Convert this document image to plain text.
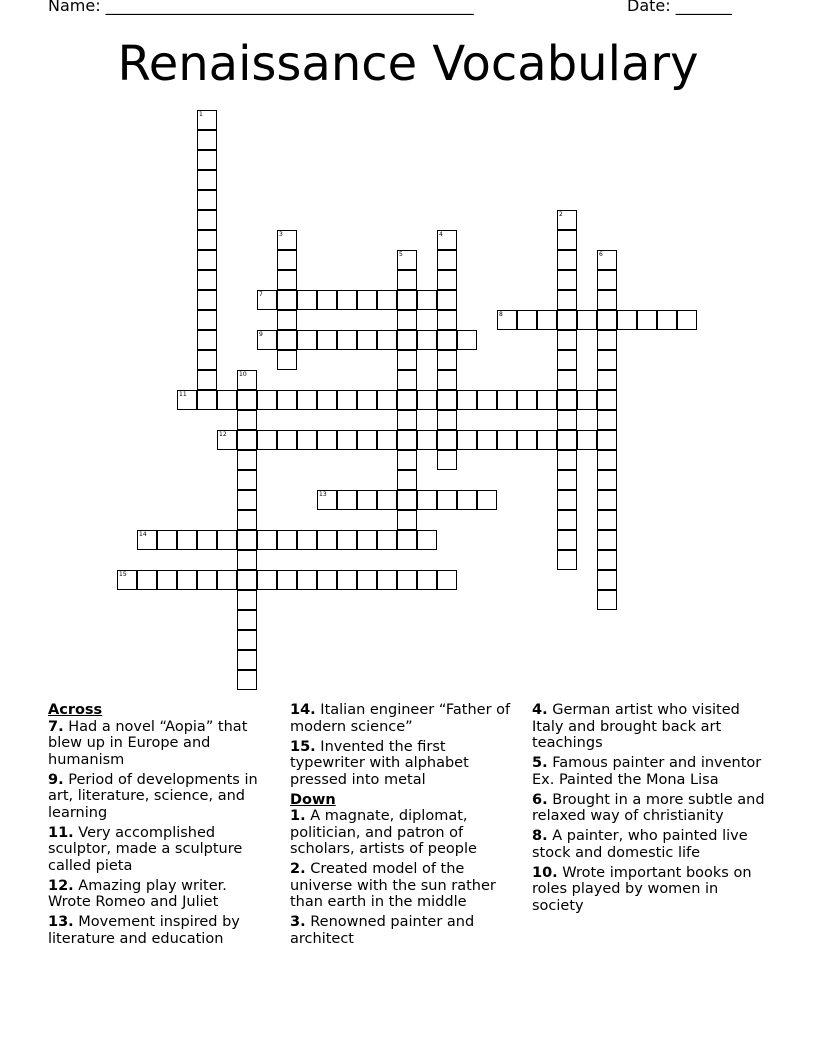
Name: ______________________________________________	Date: _______
Renaissance Vocabulary
1
2
3	4
5	6
7
8
9
10
11
12
13
14
15
Across
7. Had a novel “Aopia” that blew up in Europe and humanism
9. Period of developments in art, literature, science, and learning
11. Very accomplished sculptor, made a sculpture called pieta
12. Amazing play writer. Wrote Romeo and Juliet
13. Movement inspired by literature and education
14. Italian engineer “Father of modern science”
15. Invented the first typewriter with alphabet pressed into metal
Down
1. A magnate, diplomat, politician, and patron of scholars, artists of people
2. Created model of the universe with the sun rather than earth in the middle
3. Renowned painter and architect
4. German artist who visited Italy and brought back art teachings
5. Famous painter and inventor Ex. Painted the Mona Lisa
6. Brought in a more subtle and relaxed way of christianity
8. A painter, who painted live stock and domestic life
10. Wrote important books on roles played by women in society
